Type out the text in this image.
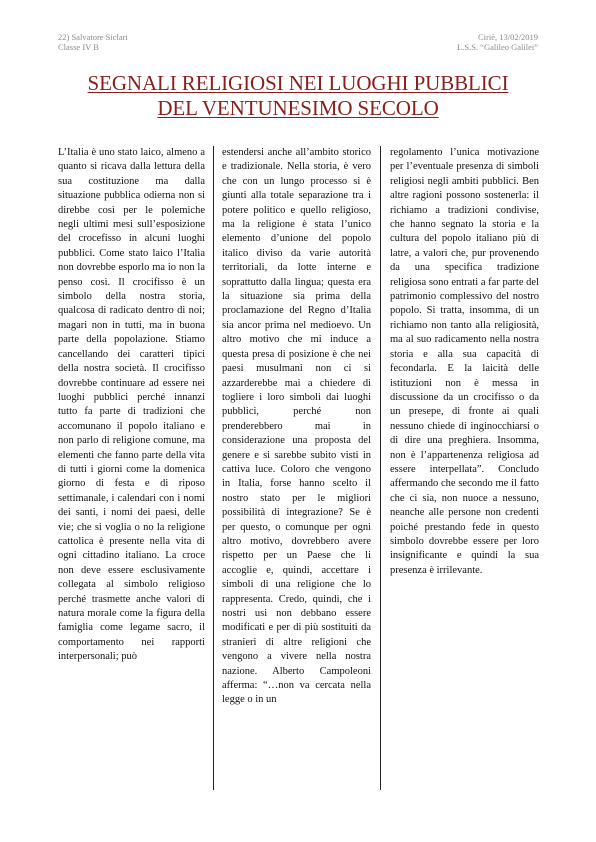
22) Salvatore Siclari
Classe IV B
Ciriè, 13/02/2019
L.S.S. “Galileo Galilei”
SEGNALI RELIGIOSI NEI LUOGHI PUBBLICI
DEL VENTUNESIMO SECOLO
L’Italia è uno stato laico, almeno a quanto si ricava dalla lettura della sua costituzione ma dalla situazione pubblica odierna non si direbbe così per le polemiche negli ultimi mesi sull’esposizione del crocefisso in alcuni luoghi pubblici. Come stato laico l’Italia non dovrebbe esporlo ma io non la penso così. Il crocifisso è un simbolo della nostra storia, qualcosa di radicato dentro di noi; magari non in tutti, ma in buona parte della popolazione. Stiamo cancellando dei caratteri tipici della nostra società. Il crocifisso dovrebbe continuare ad essere nei luoghi pubblici perché innanzi tutto fa parte di tradizioni che accomunano il popolo italiano e non parlo di religione comune, ma elementi che fanno parte della vita di tutti i giorni come la domenica giorno di festa e di riposo settimanale, i calendari con i nomi dei santi, i nomi dei paesi, delle vie; che si voglia o no la religione cattolica è presente nella vita di ogni cittadino italiano. La croce non deve essere esclusivamente collegata al simbolo religioso perché trasmette anche valori di natura morale come la figura della famiglia come legame sacro, il comportamento nei rapporti interpersonali; può
estendersi anche all’ambito storico e tradizionale. Nella storia, è vero che con un lungo processo si è giunti alla totale separazione tra i potere politico e quello religioso, ma la religione è stata l’unico elemento d’unione del popolo italico diviso da varie autorità territoriali, da lotte interne e soprattutto dalla lingua; questa era la situazione sia prima della proclamazione del Regno d’Italia sia ancor prima nel medioevo. Un altro motivo che mi induce a questa presa di posizione è che nei paesi musulmani non ci si azzarderebbe mai a chiedere di togliere i loro simboli dai luoghi pubblici, perché non prenderebbero mai in considerazione una proposta del genere e si sarebbe subito visti in cattiva luce. Coloro che vengono in Italia, forse hanno scelto il nostro stato per le migliori possibilità di integrazione? Se è per questo, o comunque per ogni altro motivo, dovrebbero avere rispetto per un Paese che li accoglie e, quindi, accettare i simboli di una religione che lo rappresenta. Credo, quindi, che i nostri usi non debbano essere modificati e per di più sostituiti da stranieri di altre religioni che vengono a vivere nella nostra nazione. Alberto Campoleoni afferma: “…non va cercata nella legge o in un
regolamento l’unica motivazione per l’eventuale presenza di simboli religiosi negli ambiti pubblici. Ben altre ragioni possono sostenerla: il richiamo a tradizioni condivise, che hanno segnato la storia e la cultura del popolo italiano più di latre, a valori che, pur provenendo da una specifica tradizione religiosa sono entrati a far parte del patrimonio complessivo del nostro popolo. Si tratta, insomma, di un richiamo non tanto alla religiosità, ma al suo radicamento nella nostra storia e alla sua capacità di fecondarla. E la laicità delle istituzioni non è messa in discussione da un crocifisso o da un presepe, di fronte ai quali nessuno chiede di inginocchiarsi o di dire una preghiera. Insomma, non è l’appartenenza religiosa ad essere interpellata”. Concludo affermando che secondo me il fatto che ci sia, non nuoce a nessuno, neanche alle persone non credenti poiché prestando fede in questo simbolo dovrebbe essere per loro insignificante e quindi la sua presenza è irrilevante.
